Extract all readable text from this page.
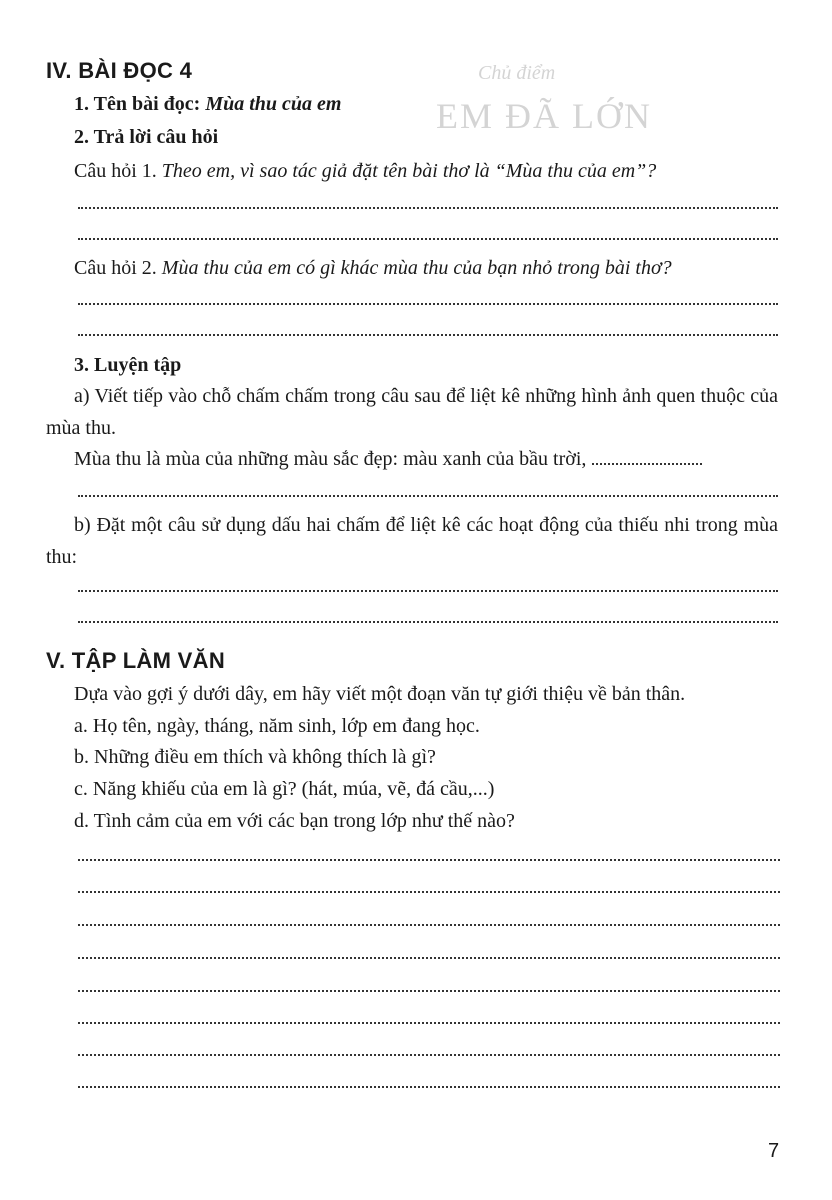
Chủ điểm
EM ĐÃ LỚN
IV. BÀI ĐỌC 4
1. Tên bài đọc: Mùa thu của em
2. Trả lời câu hỏi
Câu hỏi 1. Theo em, vì sao tác giả đặt tên bài thơ là “Mùa thu của em”?
Câu hỏi 2. Mùa thu của em có gì khác mùa thu của bạn nhỏ trong bài thơ?
3. Luyện tập
a) Viết tiếp vào chỗ chấm chấm trong câu sau để liệt kê những hình ảnh quen thuộc của mùa thu.
Mùa thu là mùa của những màu sắc đẹp: màu xanh của bầu trời,
b) Đặt một câu sử dụng dấu hai chấm để liệt kê các hoạt động của thiếu nhi trong mùa thu:
V. TẬP LÀM VĂN
Dựa vào gợi ý dưới dây, em hãy viết một đoạn văn tự giới thiệu về bản thân.
a. Họ tên, ngày, tháng, năm sinh, lớp em đang học.
b. Những điều em thích và không thích là gì?
c. Năng khiếu của em là gì? (hát, múa, vẽ, đá cầu,...)
d. Tình cảm của em với các bạn trong lớp như thế nào?
7
